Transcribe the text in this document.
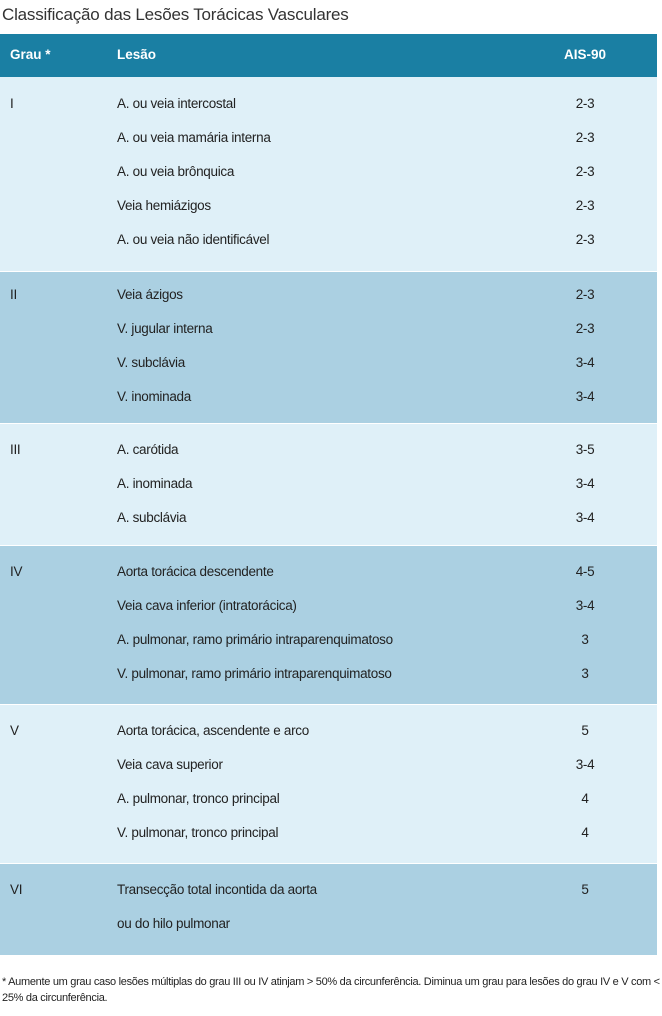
Classificação das Lesões Torácicas Vasculares
Grau *	Lesão	AIS-90
I	A. ou veia intercostal	2-3
A. ou veia mamária interna	2-3
A. ou veia brônquica	2-3
Veia hemiázigos	2-3
A. ou veia não identificável	2-3
II	Veia ázigos	2-3
V. jugular interna	2-3
V. subclávia	3-4
V. inominada	3-4
III	A. carótida	3-5
A. inominada	3-4
A. subclávia	3-4
IV	Aorta torácica descendente	4-5
Veia cava inferior (intratorácica)	3-4
A. pulmonar, ramo primário intraparenquimatoso	3
V. pulmonar, ramo primário intraparenquimatoso	3
V	Aorta torácica, ascendente e arco	5
Veia cava superior	3-4
A. pulmonar, tronco principal	4
V. pulmonar, tronco principal	4
VI	Transecção total incontida da aorta	5
ou do hilo pulmonar
* Aumente um grau caso lesões múltiplas do grau III ou IV atinjam > 50% da circunferência. Diminua um grau para lesões do grau IV e V com < 25% da circunferência.
